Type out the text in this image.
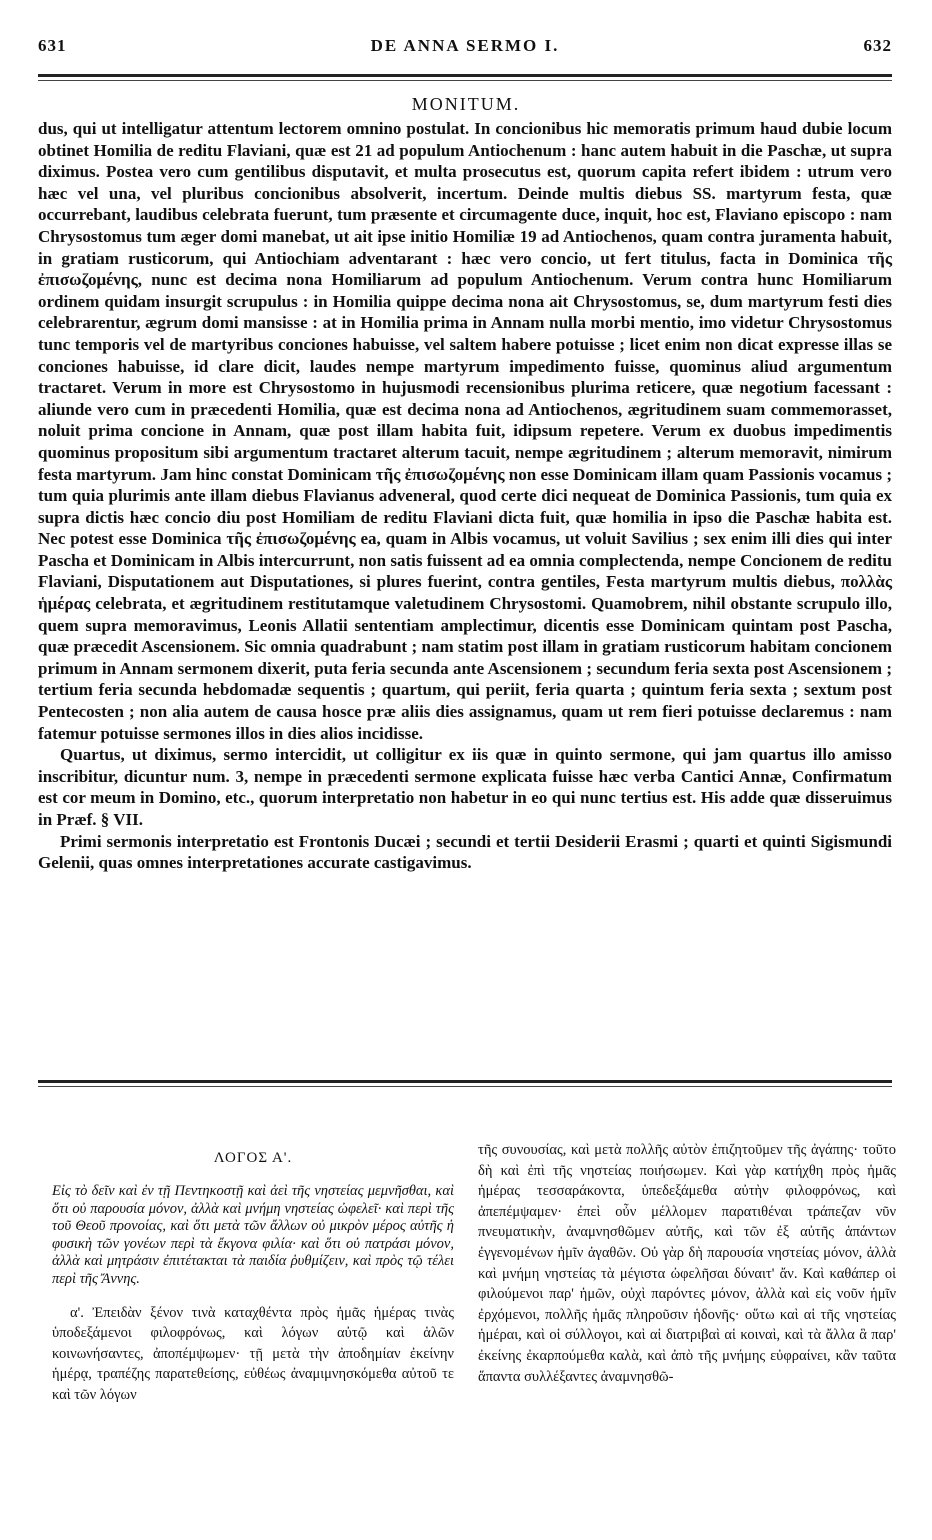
631	DE ANNA SERMO I.	632
MONITUM.

dus, qui ut intelligatur attentum lectorem omnino postulat. In concionibus hic memoratis primum haud dubie locum obtinet Homilia de reditu Flaviani, quæ est 21 ad populum Antiochenum : hanc autem habuit in die Paschæ, ut supra diximus. Postea vero cum gentilibus disputavit, et multa prosecutus est, quorum capita refert ibidem : utrum vero hæc vel una, vel pluribus concionibus absolverit, incertum. Deinde multis diebus SS. martyrum festa, quæ occurrebant, laudibus celebrata fuerunt, tum præsente et circumagente duce, inquit, hoc est, Flaviano episcopo : nam Chrysostomus tum æger domi manebat, ut ait ipse initio Homiliæ 19 ad Antiochenos, quam contra juramenta habuit, in gratiam rusticorum, qui Antiochiam adventarant : hæc vero concio, ut fert titulus, facta in Dominica τῆς ἐπισωζομένης, nunc est decima nona Homiliarum ad populum Antiochenum. Verum contra hunc Homiliarum ordinem quidam insurgit scrupulus : in Homilia quippe decima nona ait Chrysostomus, se, dum martyrum festi dies celebrarentur, ægrum domi mansisse : at in Homilia prima in Annam nulla morbi mentio, imo videtur Chrysostomus tunc temporis vel de martyribus conciones habuisse, vel saltem habere potuisse ; licet enim non dicat expresse illas se conciones habuisse, id clare dicit, laudes nempe martyrum impedimento fuisse, quominus aliud argumentum tractaret. Verum in more est Chrysostomo in hujusmodi recensionibus plurima reticere, quæ negotium facessant : aliunde vero cum in præcedenti Homilia, quæ est decima nona ad Antiochenos, ægritudinem suam commemorasset, noluit prima concione in Annam, quæ post illam habita fuit, idipsum repetere. Verum ex duobus impedimentis quominus propositum sibi argumentum tractaret alterum tacuit, nempe ægritudinem ; alterum memoravit, nimirum festa martyrum. Jam hinc constat Dominicam τῆς ἐπισωζομένης non esse Dominicam illam quam Passionis vocamus ; tum quia plurimis ante illam diebus Flavianus adveneral, quod certe dici nequeat de Dominica Passionis, tum quia ex supra dictis hæc concio diu post Homiliam de reditu Flaviani dicta fuit, quæ homilia in ipso die Paschæ habita est. Nec potest esse Dominica τῆς ἐπισωζομένης ea, quam in Albis vocamus, ut voluit Savilius ; sex enim illi dies qui inter Pascha et Dominicam in Albis intercurrunt, non satis fuissent ad ea omnia complectenda, nempe Concionem de reditu Flaviani, Disputationem aut Disputationes, si plures fuerint, contra gentiles, Festa martyrum multis diebus, πολλὰς ἡμέρας celebrata, et ægritudinem restitutamque valetudinem Chrysostomi. Quamobrem, nihil obstante scrupulo illo, quem supra memoravimus, Leonis Allatii sententiam amplectimur, dicentis esse Dominicam quintam post Pascha, quæ præcedit Ascensionem. Sic omnia quadrabunt ; nam statim post illam in gratiam rusticorum habitam concionem primum in Annam sermonem dixerit, puta feria secunda ante Ascensionem ; secundum feria sexta post Ascensionem ; tertium feria secunda hebdomadæ sequentis ; quartum, qui periit, feria quarta ; quintum feria sexta ; sextum post Pentecosten ; non alia autem de causa hosce præ aliis dies assignamus, quam ut rem fieri potuisse declaremus : nam fatemur potuisse sermones illos in dies alios incidisse.

Quartus, ut diximus, sermo intercidit, ut colligitur ex iis quæ in quinto sermone, qui jam quartus illo amisso inscribitur, dicuntur num. 3, nempe in præcedenti sermone explicata fuisse hæc verba Cantici Annæ, Confirmatum est cor meum in Domino, etc., quorum interpretatio non habetur in eo qui nunc tertius est. His adde quæ disseruimus in Præf. § VII.

Primi sermonis interpretatio est Frontonis Ducæi ; secundi et tertii Desiderii Erasmi ; quarti et quinti Sigismundi Gelenii, quas omnes interpretationes accurate castigavimus.

ΛΟΓΟΣ Α'.

Εἰς τὸ δεῖν καὶ ἐν τῇ Πεντηκοστῇ καὶ ἀεὶ τῆς νηστείας μεμνῆσθαι, καὶ ὅτι οὐ παρουσία μόνον, ἀλλὰ καὶ μνήμη νηστείας ὠφελεῖ· καὶ περὶ τῆς τοῦ Θεοῦ προνοίας, καὶ ὅτι μετὰ τῶν ἄλλων οὐ μικρὸν μέρος αὐτῆς ἡ φυσικὴ τῶν γονέων περὶ τὰ ἔκγονα φιλία· καὶ ὅτι οὐ πατράσι μόνον, ἀλλὰ καὶ μητράσιν ἐπιτέτακται τὰ παιδία ῥυθμίζειν, καὶ πρὸς τῷ τέλει περὶ τῆς Ἄννης.

α'. Ἐπειδὰν ξένον τινὰ καταχθέντα πρὸς ἡμᾶς ἡμέρας τινὰς ὑποδεξάμενοι φιλοφρόνως, καὶ λόγων αὐτῷ καὶ ἁλῶν κοινωνήσαντες, ἀποπέμψωμεν· τῇ μετὰ τὴν ἀποδημίαν ἐκείνην ἡμέρᾳ, τραπέζης παρατεθείσης, εὐθέως ἀναμιμνησκόμεθα αὐτοῦ τε καὶ τῶν λόγων

τῆς συνουσίας, καὶ μετὰ πολλῆς αὐτὸν ἐπιζητοῦμεν τῆς ἀγάπης· τοῦτο δὴ καὶ ἐπὶ τῆς νηστείας ποιήσωμεν. Καὶ γὰρ κατήχθη πρὸς ἡμᾶς ἡμέρας τεσσαράκοντα, ὑπεδεξάμεθα αὐτὴν φιλοφρόνως, καὶ ἀπεπέμψαμεν· ἐπεὶ οὖν μέλλομεν παρατιθέναι τράπεζαν νῦν πνευματικὴν, ἀναμνησθῶμεν αὐτῆς, καὶ τῶν ἐξ αὐτῆς ἁπάντων ἐγγενομένων ἡμῖν ἀγαθῶν. Οὐ γὰρ δὴ παρουσία νηστείας μόνον, ἀλλὰ καὶ μνήμη νηστείας τὰ μέγιστα ὠφελῆσαι δύναιτ' ἄν. Καὶ καθάπερ οἱ φιλούμενοι παρ' ἡμῶν, οὐχὶ παρόντες μόνον, ἀλλὰ καὶ εἰς νοῦν ἡμῖν ἐρχόμενοι, πολλῆς ἡμᾶς πληροῦσιν ἡδονῆς· οὕτω καὶ αἱ τῆς νηστείας ἡμέραι, καὶ οἱ σύλλογοι, καὶ αἱ διατριβαὶ αἱ κοιναὶ, καὶ τὰ ἄλλα ἃ παρ' ἐκείνης ἐκαρπούμεθα καλὰ, καὶ ἀπὸ τῆς μνήμης εὐφραίνει, κἂν ταῦτα ἅπαντα συλλέξαντες ἀναμνησθῶ-
